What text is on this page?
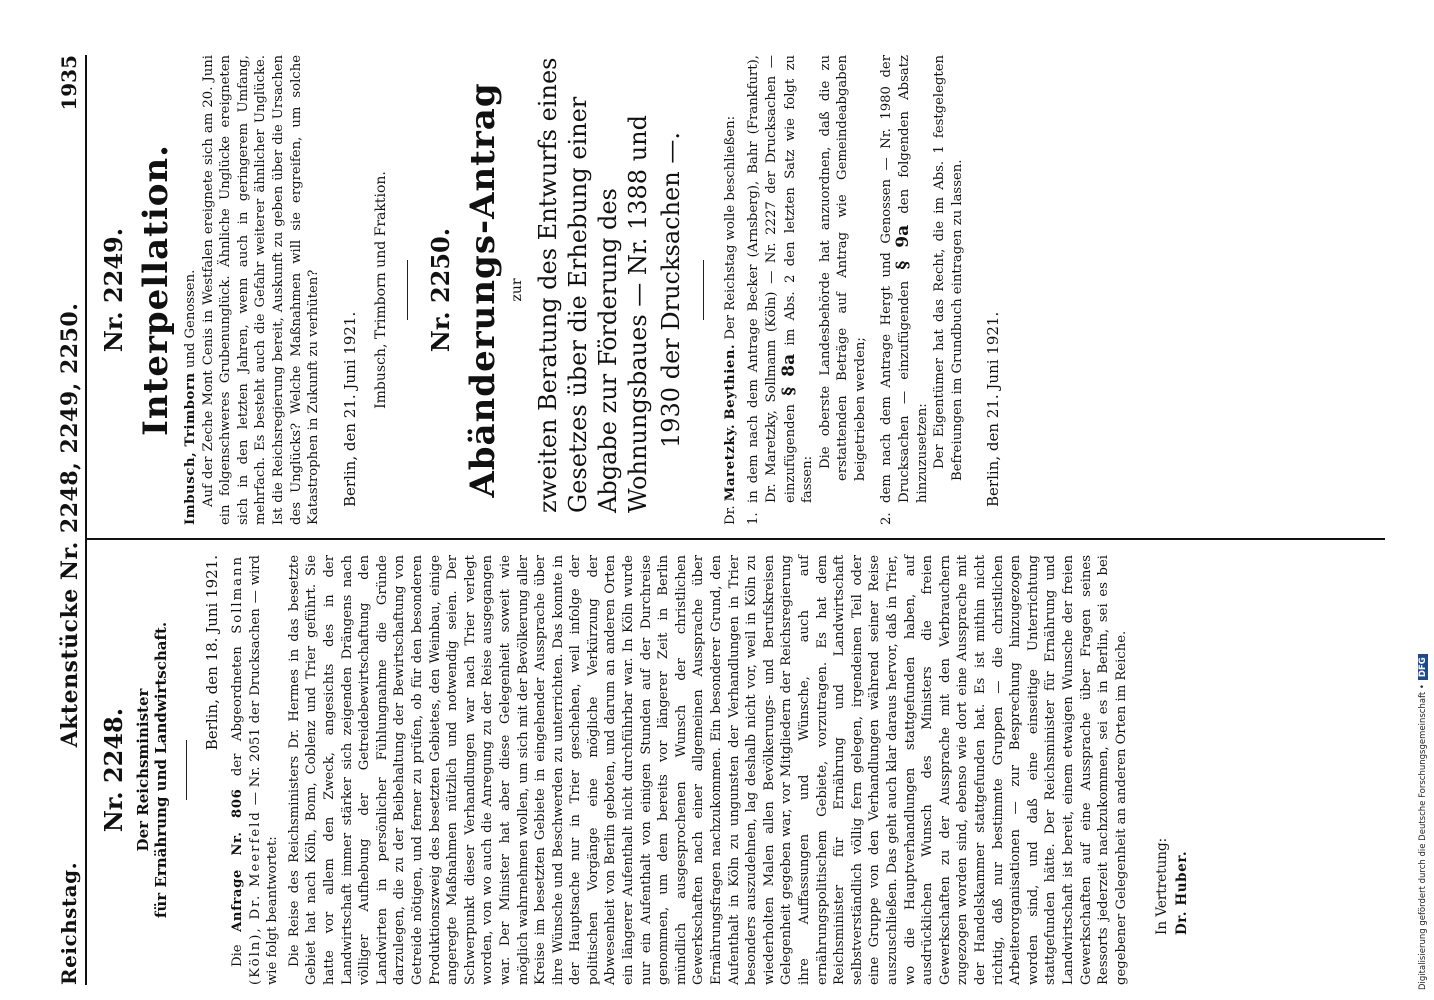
Reichstag.
Aktenstücke Nr. 2248, 2249, 2250.
1935
Nr. 2248. Der Reichsminister für Ernährung und Landwirtschaft. Berlin, den 18. Juni 1921.

Die Anfrage Nr. 806 der Abgeordneten Sollmann (Köln), Dr. Meerfeld — Nr. 2051 der Drucksachen — wird wie folgt beantwortet: Die Reise des Reichsministers Dr. Hermes in das besetzte Gebiet hat nach Köln, Bonn, Coblenz und Trier geführt. Sie hatte vor allem den Zweck, angesichts des in der Landwirtschaft immer stärker sich zeigenden Drängens nach völliger Aufhebung der Getreidebewirtschaftung den Landwirten in persönlicher Fühlungnahme die Gründe darzulegen, die zu der Beibehaltung der Bewirtschaftung von Getreide nötigen, und ferner zu prüfen, ob für den besonderen Produktionszweig des besetzten Gebietes, den Weinbau, einige angeregte Maßnahmen nützlich und notwendig seien. Der Schwerpunkt dieser Verhandlungen war nach Trier verlegt worden, von wo auch die Anregung zu der Reise ausgegangen war. Der Minister hat aber diese Gelegenheit soweit wie möglich wahrnehmen wollen, um sich mit der Bevölkerung aller Kreise im besetzten Gebiete in eingehender Aussprache über ihre Wünsche und Beschwerden zu unterrichten. Das konnte in der Hauptsache nur in Trier geschehen, weil infolge der politischen Vorgänge eine mögliche Verkürzung der Abwesenheit von Berlin geboten, und darum an anderen Orten ein längerer Aufenthalt nicht durchführbar war. In Köln wurde nur ein Aufenthalt von einigen Stunden auf der Durchreise genommen, um dem bereits vor längerer Zeit in Berlin mündlich ausgesprochenen Wunsch der christlichen Gewerkschaften nach einer allgemeinen Aussprache über Ernährungsfragen nachzukommen. Ein besonderer Grund, den Aufenthalt in Köln zu ungunsten der Verhandlungen in Trier besonders auszudehnen, lag deshalb nicht vor, weil in Köln zu wiederholten Malen allen Bevölkerungs- und Berufskreisen Gelegenheit gegeben war, vor Mitgliedern der Reichsregierung ihre Auffassungen und Wünsche, auch auf ernährungspolitischem Gebiete, vorzutragen. Es hat dem Reichsminister für Ernährung und Landwirtschaft selbstverständlich völlig fern gelegen, irgendeinen Teil oder eine Gruppe von den Verhandlungen während seiner Reise auszuschließen. Das geht auch klar daraus hervor, daß in Trier, wo die Hauptverhandlungen stattgefunden haben, auf ausdrücklichen Wunsch des Ministers die freien Gewerkschaften zu der Aussprache mit den Verbrauchern zugezogen worden sind, ebenso wie dort eine Aussprache mit der Handelskammer stattgefunden hat. Es ist mithin nicht richtig, daß nur bestimmte Gruppen — die christlichen Arbeiterorganisationen — zur Besprechung hinzugezogen worden sind, und daß eine einseitige Unterrichtung stattgefunden hätte. Der Reichsminister für Ernährung und Landwirtschaft ist bereit, einem etwaigen Wunsche der freien Gewerkschaften auf eine Aussprache über Fragen seines Ressorts jederzeit nachzukommen, sei es in Berlin, sei es bei gegebener Gelegenheit an anderen Orten im Reiche. In Vertretung: Dr. Huber.
Nr. 2249. Interpellation.

Imbusch, Trimborn und Genossen. Auf der Zeche Mont Cenis in Westfalen ereignete sich am 20. Juni ein folgenschweres Grubenunglück. Ähnliche Unglücke ereigneten sich in den letzten Jahren, wenn auch in geringerem Umfang, mehrfach. Es besteht auch die Gefahr weiterer ähnlicher Unglücke. Ist die Reichsregierung bereit, Auskunft zu geben über die Ursachen des Unglücks? Welche Maßnahmen will sie ergreifen, um solche Katastrophen in Zukunft zu verhüten? Berlin, den 21. Juni 1921.
Imbusch, Trimborn und Fraktion. Nr. 2250. Abänderungs-Antrag zur zweiten Beratung des Entwurfs eines Gesetzes über die Erhebung einer Abgabe zur Förderung des Wohnungsbaues — Nr. 1388 und 1930 der Drucksachen —.

Dr. Maretzky. Beythien. Der Reichstag wolle beschließen:

1.
in dem nach dem Antrage Becker (Arnsberg), Bahr (Frankfurt), Dr. Maretzky, Sollmann (Köln) — Nr. 2227 der Drucksachen — einzufügenden § 8a im Abs. 2 den letzten Satz wie folgt zu fassen:

Die oberste Landesbehörde hat anzuordnen, daß die zu erstattenden Beträge auf Antrag wie Gemeindeabgaben beigetrieben werden;

2.
dem nach dem Antrage Hergt und Genossen — Nr. 1980 der Drucksachen — einzufügenden § 9a den folgenden Absatz hinzuzusetzen: Der Eigentümer hat das Recht, die im Abs. 1 festgelegten Befreiungen im Grundbuch eintragen zu lassen. Berlin, den 21. Juni 1921.
Digitalisierung gefördert durch die Deutsche Forschungsgemeinschaft •DFG
